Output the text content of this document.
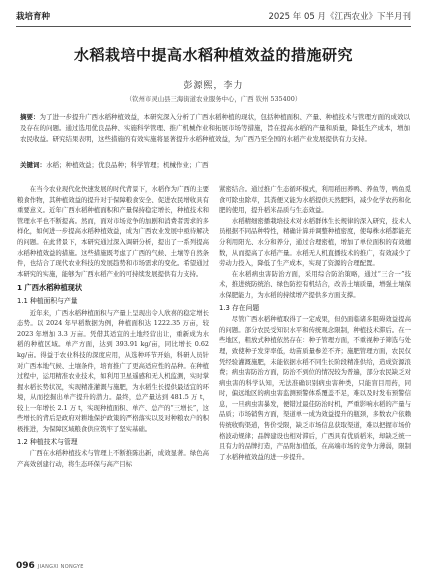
栽培育种	2025 年 05 月《江西农业》下半月刊
水稻栽培中提高水稻种植效益的措施研究
彭源熙，李力
（钦州市灵山县三海街道农业服务中心，广西 钦州 535400）
摘要：为了进一步提升广西水稻种植效益，本研究深入分析了广西水稻种植的现状，包括种植面积、产量、种植技术与管理方面的成效以及存在的问题。通过选用优良品种、实施科学管理、推广机械作业和拓展市场等措施，旨在提高水稻的产量和质量，降低生产成本，增加农民收益。研究结果表明，这些措施的有效实施将显著提升水稻种植效益，为广西乃至全国的水稻产业发展提供有力支持。
关键词：水稻；种植效益；优良品种；科学管理；机械作业；广西

在当今农业现代化快速发展的时代背景下，水稻作为广西的主要粮食作物，其种植效益的提升对于保障粮食安全、促进农民增收具有重要意义。近年广西水稻种植面积和产量保持稳定增长，种植技术和管理水平也不断提高。然而，面对市场竞争的加剧和消费者需求的多样化，如何进一步提高水稻种植效益，成为广西农业发展中亟待解决的问题。在此背景下，本研究通过深入调研分析，提出了一系列提高水稻种植效益的措施。这些措施既考虑了广西的气候、土壤等自然条件，也结合了现代农业科技的发展趋势和市场需求的变化。希望通过本研究的实施，能够为广西水稻产业的可持续发展提供有力支持。

1 广西水稻种植现状
1.1 种植面积与产量

近年来，广西水稻种植面积与产量上呈现出令人欣喜的稳定增长态势。以 2024 年早稻数据为例，种植面积达 1222.35 万亩，较 2023 年增加 3.3 万亩。凭借其适宜的土地经营出让，重新成为水稻的种植区域。单产方面，达到 393.91 kg/亩，同比增长 0.62 kg/亩。得益于农业科技的深度应用，从选种环节开始，科研人员针对广西本地气候、土壤条件，培育推广了更高适应性的品种。在种植过程中，运用精准农业技术，如利用卫星遥感和无人机监测，实时掌握水稻长势状况，实现精准灌溉与施肥，为水稻生长提供最适宜的环境，从而挖掘出单产提升的潜力。最终，总产量达到 481.5 万 t，较上一年增长 2.1 万 t，实现种植面积、单产、总产的“三增长”，这些增长的背后是政府对耕地保护政策的严格落实以及对种粮农户的积极推进，为保障区域粮食供应筑牢了坚实基础。

1.2 种植技术与管理

广西在水稻种植技术与管理上不断推陈出新，成效显著。绿色高产高效创建行动，将生态环保与高产目标

紧密结合。通过推广生态循环模式，利用稻田养鸭、养鱼等，鸭鱼觅食可除虫除草，其粪便又能为水稻提供天然肥料，减少化学农药和化肥的使用，提升稻米品质与生态效益。

水稻精细密播栽培技术对水稻群体生长规律的深入研究，技术人员根据不同品种特性，精确计算并调整种植密度，使每株水稻都能充分利用阳光、水分和养分，通过合理密植，增加了单位面积的有效穗数，从而提高了水稻产量。水稻无人机直播技术的推广，有效减少了劳动力投入，降低了生产成本，实现了资源的合理配置。

在水稻病虫害防治方面，采用综合防治策略，通过“三合一”技术，推进统防统治、绿色防控有机结合，改善土壤质量，增强土壤保水保肥能力，为水稻的持续增产提供多方面支撑。

1.3 存在问题

尽管广西水稻种植取得了一定成果，但仍面临诸多阻碍效益提高的问题。部分农民受知识水平和传统观念限制，种植技术滞后。在一些地区，粗放式种植依然存在：种子管理方面，不重视种子筛选与处理，致使种子发芽率低，幼苗质量参差不齐；施肥管理方面，农民仅凭经验灌溉施肥，未能依据水稻不同生长阶段精准供给，造成资源浪费；病虫害防治方面，防治不到位的情况较为普遍，部分农民缺乏对病虫害的科学认知，无法准确识别病虫害种类，只能盲目用药，同时，偏远地区的病虫害监测预警体系覆盖不足，难以及时发布预警信息，一旦病虫害暴发，便错过最佳防治时机，严重影响水稻的产量与品质；市场销售方面，渠道单一成为效益提升的瓶颈，多数农户依赖传统收购渠道，售价受限，缺乏市场信息获取渠道，难以把握市场价格波动规律；品牌建设也相对滞后，广西具有优质稻米，却缺乏统一且有力的品牌打造，产品附加值低，在高端市场的竞争力薄弱，限制了水稻种植效益的进一步提升。

096 JIANGXI NONGYE
